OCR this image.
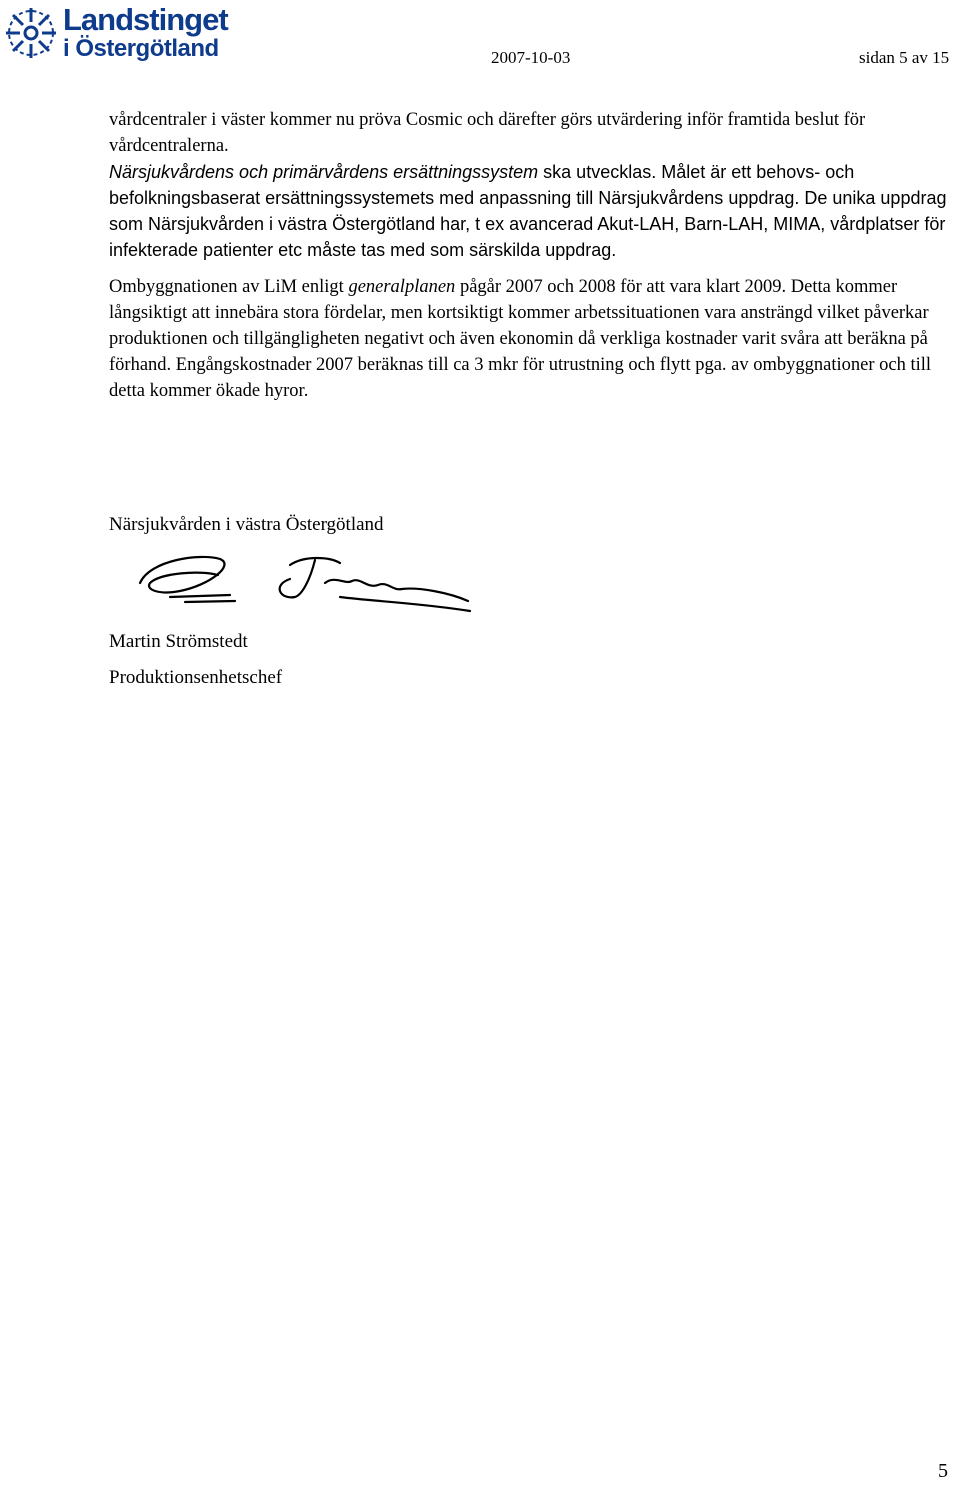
Landstinget
i Östergötland	2007-10-03	sidan 5 av 15

vårdcentraler i väster kommer nu pröva Cosmic och därefter görs utvärdering inför framtida beslut för vårdcentralerna.

Närsjukvårdens och primärvårdens ersättningssystem ska utvecklas. Målet är ett behovs- och befolkningsbaserat ersättningssystemets med anpassning till Närsjukvårdens uppdrag. De unika uppdrag som Närsjukvården i västra Östergötland har, t ex avancerad Akut-LAH, Barn-LAH, MIMA, vårdplatser för infekterade patienter etc måste tas med som särskilda uppdrag.

Ombyggnationen av LiM enligt generalplanen pågår 2007 och 2008 för att vara klart 2009. Detta kommer långsiktigt att innebära stora fördelar, men kortsiktigt kommer arbetssituationen vara ansträngd vilket påverkar produktionen och tillgängligheten negativt och även ekonomin då verkliga kostnader varit svåra att beräkna på förhand. Engångskostnader 2007 beräknas till ca 3 mkr för utrustning och flytt pga. av ombyggnationer och till detta kommer ökade hyror.

Närsjukvården i västra Östergötland
Martin Strömstedt
Produktionsenhetschef
5
